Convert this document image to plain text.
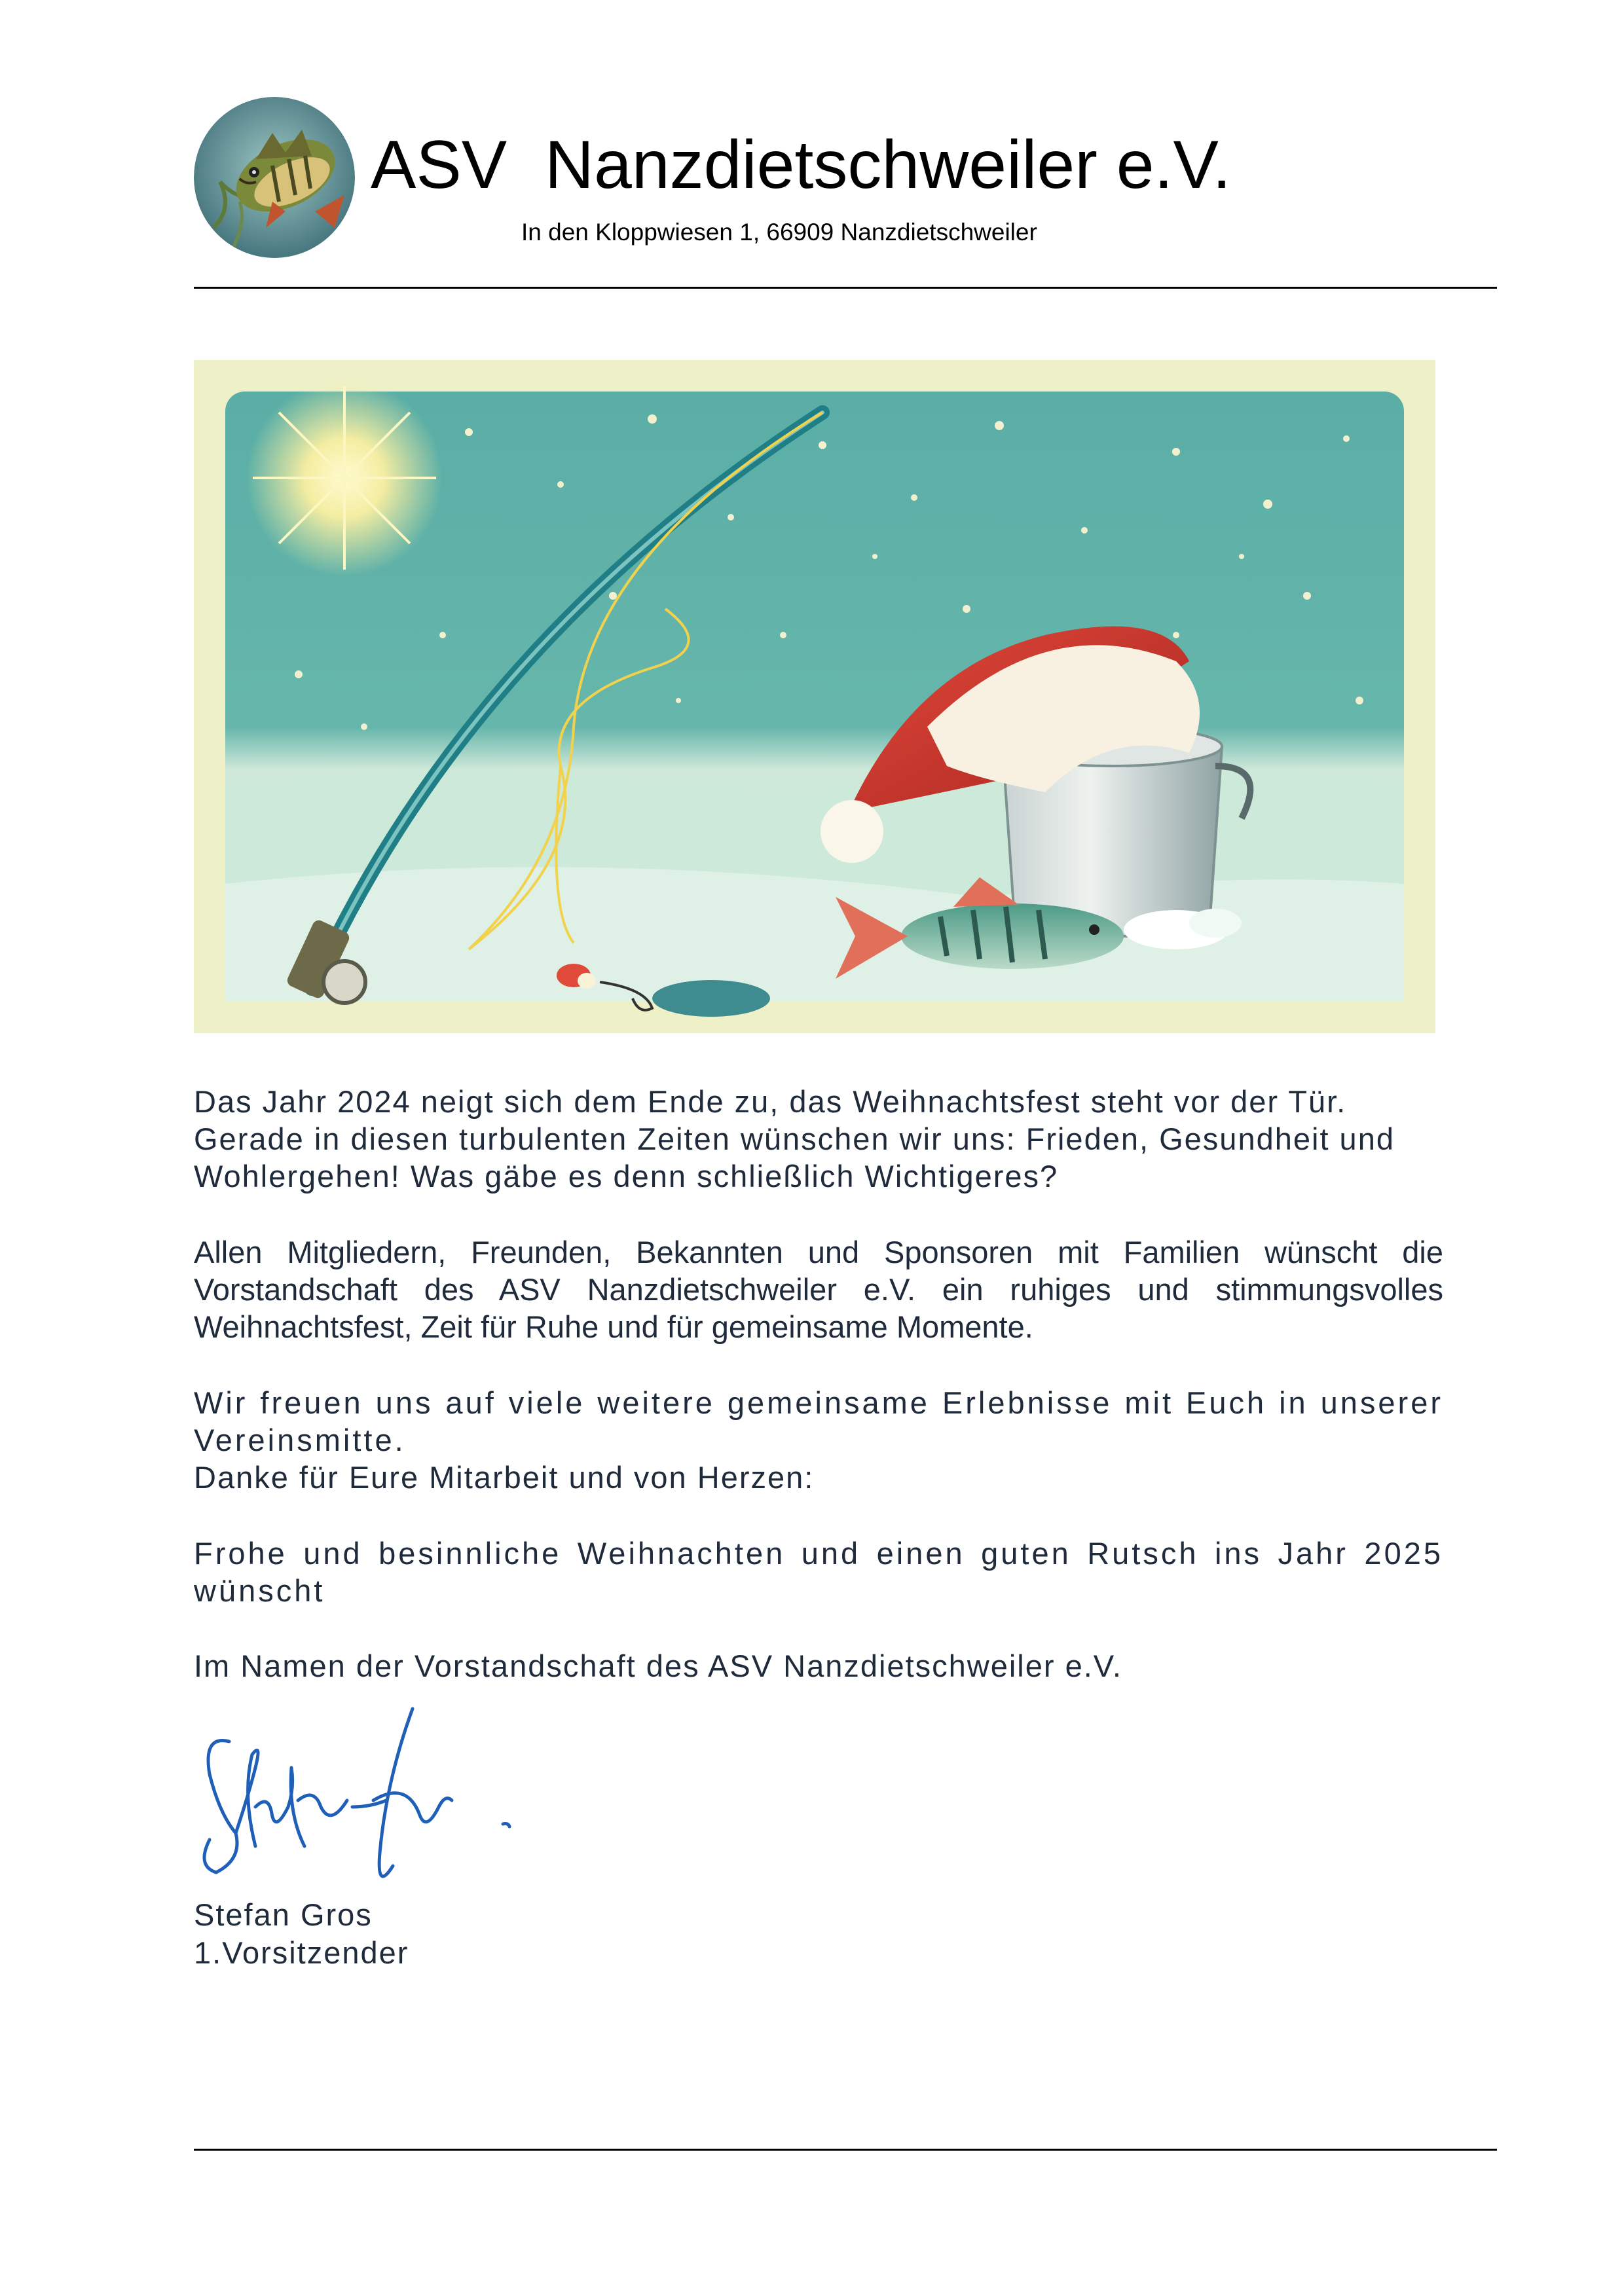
ASV  Nanzdietschweiler e.V.
In den Kloppwiesen 1, 66909 Nanzdietschweiler
Das Jahr 2024 neigt sich dem Ende zu, das Weihnachtsfest steht vor der Tür.
Gerade in diesen turbulenten Zeiten wünschen wir uns: Frieden, Gesundheit und
Wohlergehen! Was gäbe es denn schließlich Wichtigeres?
Allen Mitgliedern, Freunden, Bekannten und Sponsoren mit Familien wünscht die Vorstandschaft des ASV Nanzdietschweiler e.V. ein ruhiges und stimmungsvolles Weihnachtsfest, Zeit für Ruhe und für gemeinsame Momente.
Wir freuen uns auf viele weitere gemeinsame Erlebnisse mit Euch in unserer Vereinsmitte.
Danke für Eure Mitarbeit und von Herzen:
Frohe und besinnliche Weihnachten und einen guten Rutsch ins Jahr 2025 wünscht
Im Namen der Vorstandschaft des ASV Nanzdietschweiler e.V.
Stefan Gros
1.Vorsitzender
